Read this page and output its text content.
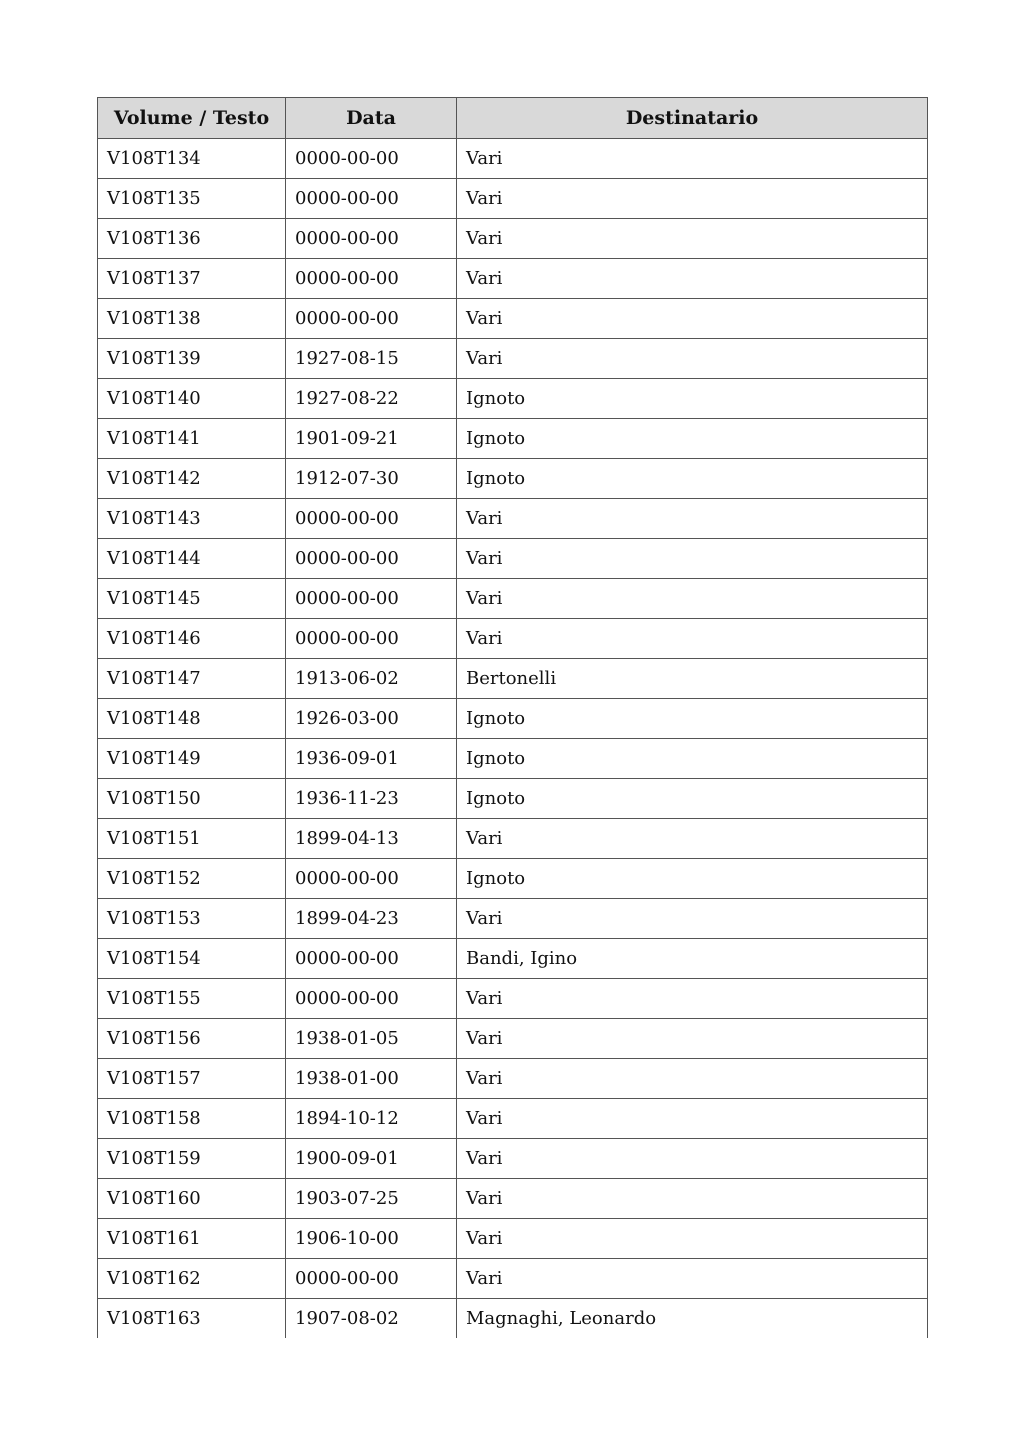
Volume / Testo	Data	Destinatario
V108T134	0000-00-00	Vari
V108T135	0000-00-00	Vari
V108T136	0000-00-00	Vari
V108T137	0000-00-00	Vari
V108T138	0000-00-00	Vari
V108T139	1927-08-15	Vari
V108T140	1927-08-22	Ignoto
V108T141	1901-09-21	Ignoto
V108T142	1912-07-30	Ignoto
V108T143	0000-00-00	Vari
V108T144	0000-00-00	Vari
V108T145	0000-00-00	Vari
V108T146	0000-00-00	Vari
V108T147	1913-06-02	Bertonelli
V108T148	1926-03-00	Ignoto
V108T149	1936-09-01	Ignoto
V108T150	1936-11-23	Ignoto
V108T151	1899-04-13	Vari
V108T152	0000-00-00	Ignoto
V108T153	1899-04-23	Vari
V108T154	0000-00-00	Bandi, Igino
V108T155	0000-00-00	Vari
V108T156	1938-01-05	Vari
V108T157	1938-01-00	Vari
V108T158	1894-10-12	Vari
V108T159	1900-09-01	Vari
V108T160	1903-07-25	Vari
V108T161	1906-10-00	Vari
V108T162	0000-00-00	Vari
V108T163	1907-08-02	Magnaghi, Leonardo
